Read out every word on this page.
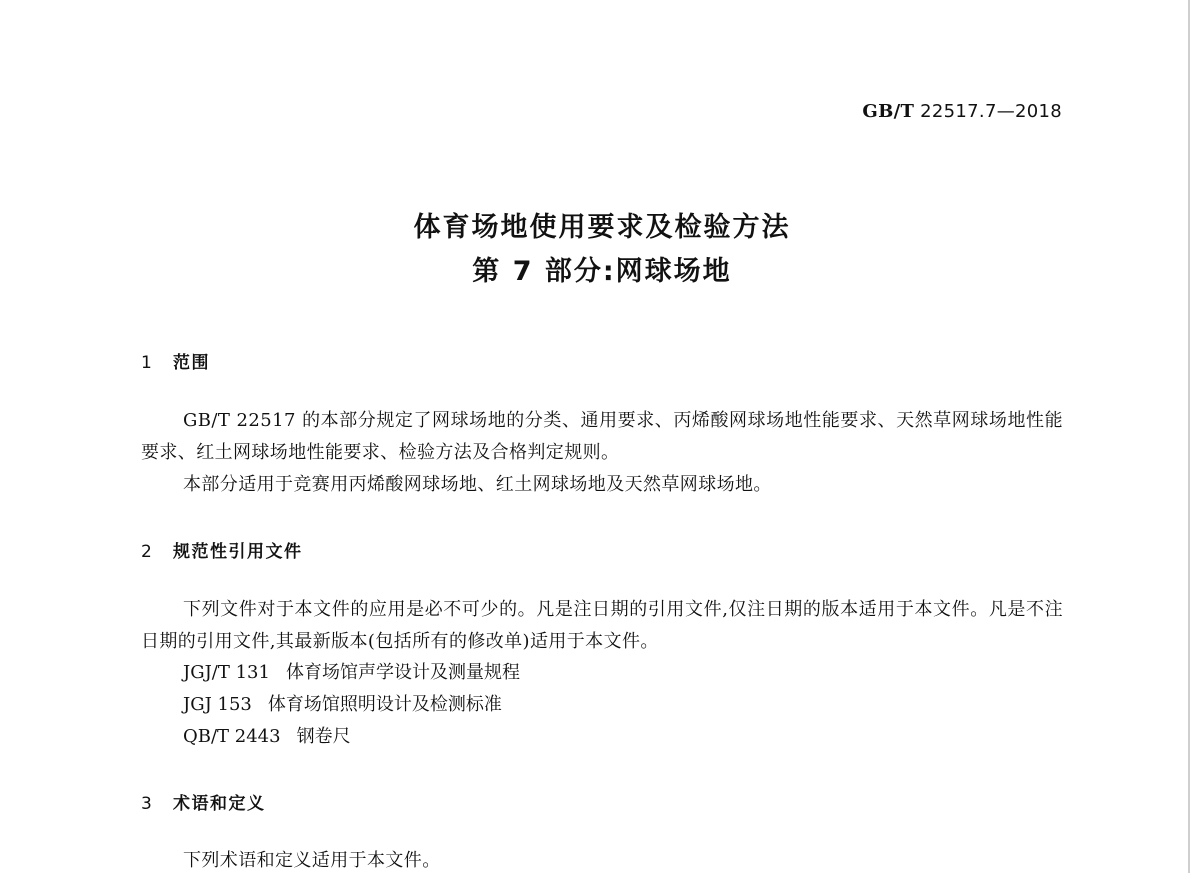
GB/T 22517.7—2018
体育场地使用要求及检验方法
第 7 部分:网球场地
1 范围
GB/T 22517 的本部分规定了网球场地的分类、通用要求、丙烯酸网球场地性能要求、天然草网球场地性能要求、红土网球场地性能要求、检验方法及合格判定规则。
本部分适用于竞赛用丙烯酸网球场地、红土网球场地及天然草网球场地。
2 规范性引用文件
下列文件对于本文件的应用是必不可少的。凡是注日期的引用文件,仅注日期的版本适用于本文件。凡是不注日期的引用文件,其最新版本(包括所有的修改单)适用于本文件。
JGJ/T 131 体育场馆声学设计及测量规程
JGJ 153 体育场馆照明设计及检测标准
QB/T 2443 钢卷尺
3 术语和定义
下列术语和定义适用于本文件。
